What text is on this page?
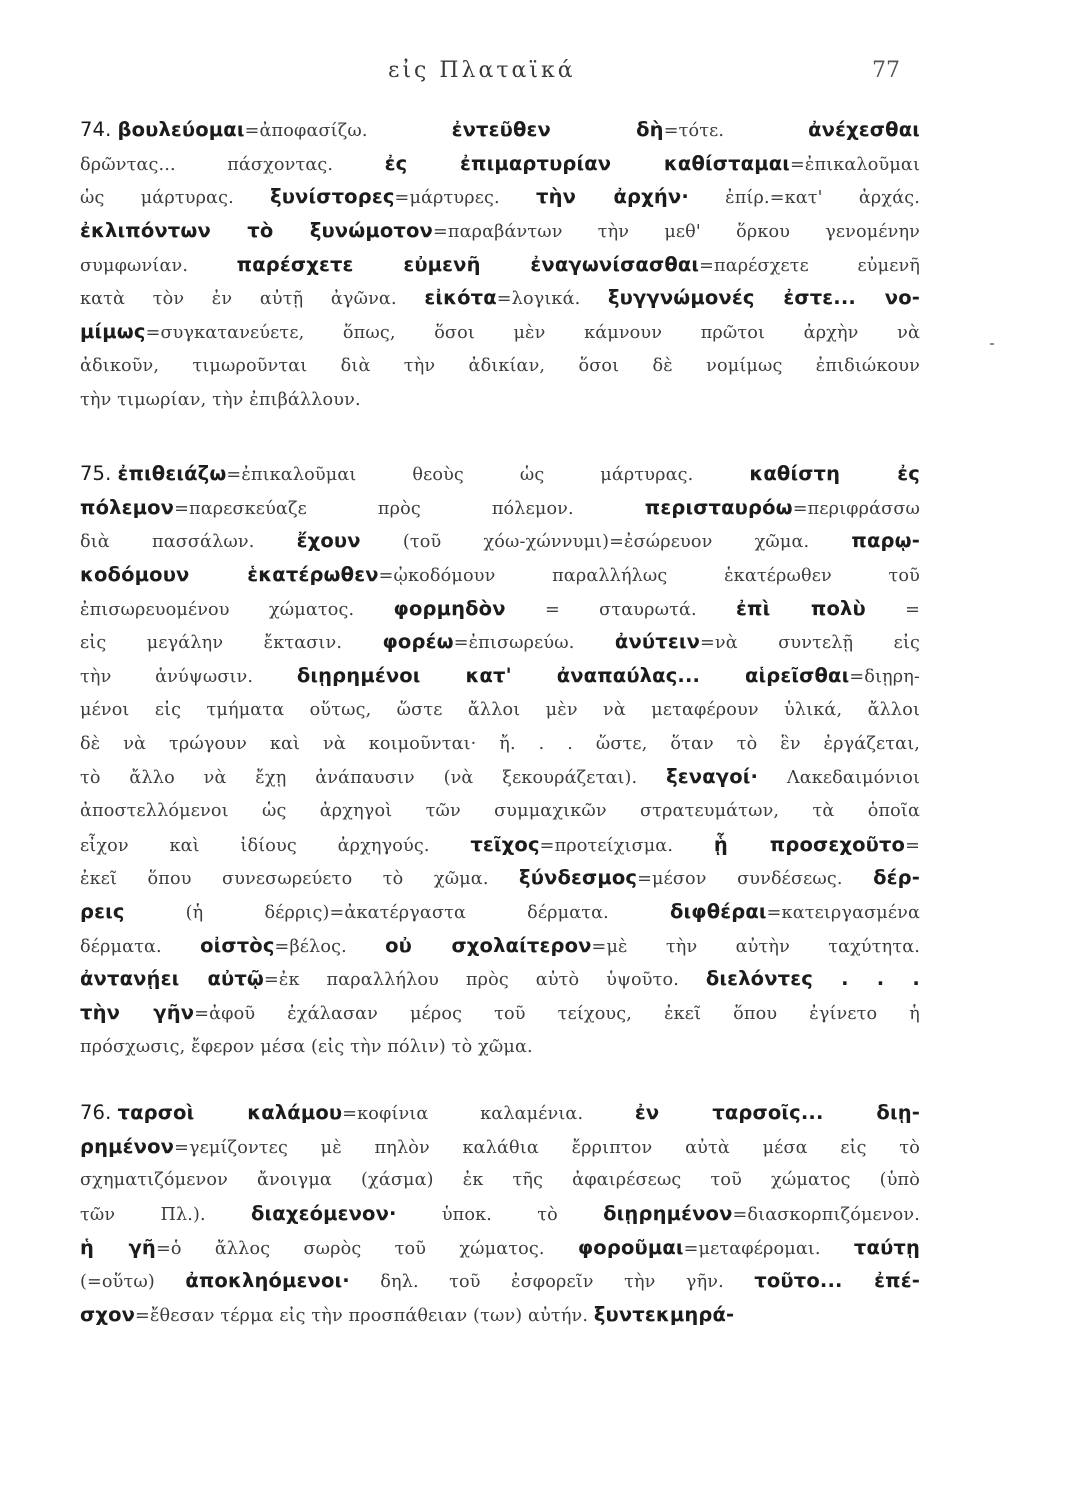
εἰς Πλαταϊκά	77
74. βουλεύομαι=ἀποφασίζω. ἐντεῦθεν δὴ=τότε. ἀνέχεσθαι
δρῶντας... πάσχοντας. ἐς ἐπιμαρτυρίαν καθίσταμαι=ἐπικαλοῦμαι
ὡς μάρτυρας. ξυνίστορες=μάρτυρες. τὴν ἀρχήν· ἐπίρ.=κατ' ἀρχάς.
ἐκλιπόντων τὸ ξυνώμοτον=παραβάντων τὴν μεθ' ὅρκου γενομένην
συμφωνίαν. παρέσχετε εὐμενῆ ἐναγωνίσασθαι=παρέσχετε εὐμενῆ
κατὰ τὸν ἐν αὐτῇ ἀγῶνα. εἰκότα=λογικά. ξυγγνώμονές ἐστε... νο-
μίμως=συγκατανεύετε, ὅπως, ὅσοι μὲν κάμνουν πρῶτοι ἀρχὴν νὰ
ἀδικοῦν, τιμωροῦνται διὰ τὴν ἀδικίαν, ὅσοι δὲ νομίμως ἐπιδιώκουν
τὴν τιμωρίαν, τὴν ἐπιβάλλουν.
75. ἐπιθειάζω=ἐπικαλοῦμαι θεοὺς ὡς μάρτυρας. καθίστη ἐς
πόλεμον=παρεσκεύαζε πρὸς πόλεμον. περισταυρόω=περιφράσσω
διὰ πασσάλων. ἔχουν (τοῦ χόω-χώννυμι)=ἐσώρευον χῶμα. παρῳ-
κοδόμουν ἑκατέρωθεν=ᾠκοδόμουν παραλλήλως ἑκατέρωθεν τοῦ
ἐπισωρευομένου χώματος. φορμηδὸν = σταυρωτά. ἐπὶ πολὺ =
εἰς μεγάλην ἔκτασιν. φορέω=ἐπισωρεύω. ἀνύτειν=νὰ συντελῇ εἰς
τὴν ἀνύψωσιν. διῃρημένοι κατ' ἀναπαύλας... αἱρεῖσθαι=διῃρη-
μένοι εἰς τμήματα οὕτως, ὥστε ἄλλοι μὲν νὰ μεταφέρουν ὑλικά, ἄλλοι
δὲ νὰ τρώγουν καὶ νὰ κοιμοῦνται· ἤ. . . ὥστε, ὅταν τὸ ἓν ἐργάζεται,
τὸ ἄλλο νὰ ἔχῃ ἀνάπαυσιν (νὰ ξεκουράζεται). ξεναγοί· Λακεδαιμόνιοι
ἀποστελλόμενοι ὡς ἀρχηγοὶ τῶν συμμαχικῶν στρατευμάτων, τὰ ὁποῖα
εἶχον καὶ ἰδίους ἀρχηγούς. τεῖχος=προτείχισμα. ᾗ προσεχοῦτο=
ἐκεῖ ὅπου συνεσωρεύετο τὸ χῶμα. ξύνδεσμος=μέσον συνδέσεως. δέρ-
ρεις (ἡ δέρρις)=ἀκατέργαστα δέρματα. διφθέραι=κατειργασμένα
δέρματα. οἰστὸς=βέλος. οὐ σχολαίτερον=μὲ τὴν αὐτὴν ταχύτητα.
ἀντανῄει αὐτῷ=ἐκ παραλλήλου πρὸς αὐτὸ ὑψοῦτο. διελόντες . . .
τὴν γῆν=ἀφοῦ ἐχάλασαν μέρος τοῦ τείχους, ἐκεῖ ὅπου ἐγίνετο ἡ
πρόσχωσις, ἔφερον μέσα (εἰς τὴν πόλιν) τὸ χῶμα.
76. ταρσοὶ καλάμου=κοφίνια καλαμένια. ἐν ταρσοῖς... διῃ-
ρημένον=γεμίζοντες μὲ πηλὸν καλάθια ἔρριπτον αὐτὰ μέσα εἰς τὸ
σχηματιζόμενον ἄνοιγμα (χάσμα) ἐκ τῆς ἀφαιρέσεως τοῦ χώματος (ὑπὸ
τῶν Πλ.). διαχεόμενον· ὑποκ. τὸ διῃρημένον=διασκορπιζόμενον.
ἡ γῆ=ὁ ἄλλος σωρὸς τοῦ χώματος. φοροῦμαι=μεταφέρομαι. ταύτῃ
(=οὕτω) ἀποκληόμενοι· δηλ. τοῦ ἐσφορεῖν τὴν γῆν. τοῦτο... ἐπέ-
σχον=ἔθεσαν τέρμα εἰς τὴν προσπάθειαν (των) αὐτήν. ξυντεκμηρά-
